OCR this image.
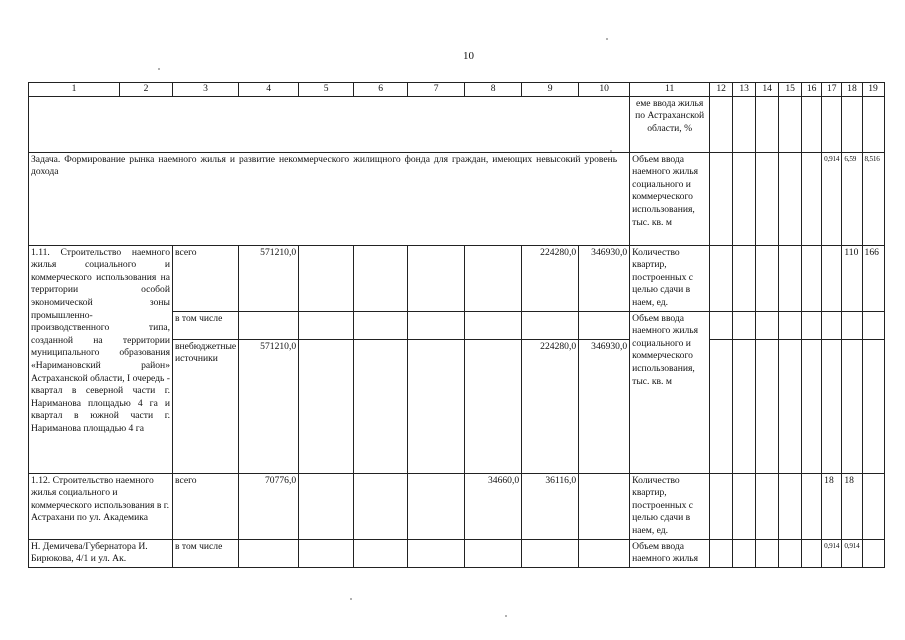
10
1	2	3	4	5	6	7	8	9	10	11	12	13	14	15	16	17	18	19
										еме ввода жилья по Астраханской области, %								
Задача. Формирование рынка наемного жилья и развитие некоммерческого жилищного фонда для граждан, имеющих невысокий уровень дохода										Объем ввода наемного жилья социального и коммерческого использования, тыс. кв. м						0,914	6,59	8,516
1.11. Строительство наемного жилья социального и коммерческого использования на территории особой экономической зоны промышленно-производственного типа, созданной на территории муниципального образования «Наримановский район» Астраханской области, I очередь - квартал в северной части г. Нариманова площадью 4 га и квартал в южной части г. Нариманова площадью 4 га		всего	571210,0					224280,0	346930,0	Количество квартир, построенных с целью сдачи в наем, ед.							110	166
		в том числе								Объем ввода наемного жилья социального и коммерческого использования, тыс. кв. м								
		внебюджетные источники	571210,0					224280,0	346930,0									
1.12. Строительство наемного жилья социального и коммерческого использования в г. Астрахани по ул. Академика		всего	70776,0				34660,0	36116,0		Количество квартир, построенных с целью сдачи в наем, ед.						18	18	
Н. Демичева/Губернатора И. Бирюкова, 4/1 и ул. Ак.		в том числе								Объем ввода наемного жилья						0,914	0,914	
